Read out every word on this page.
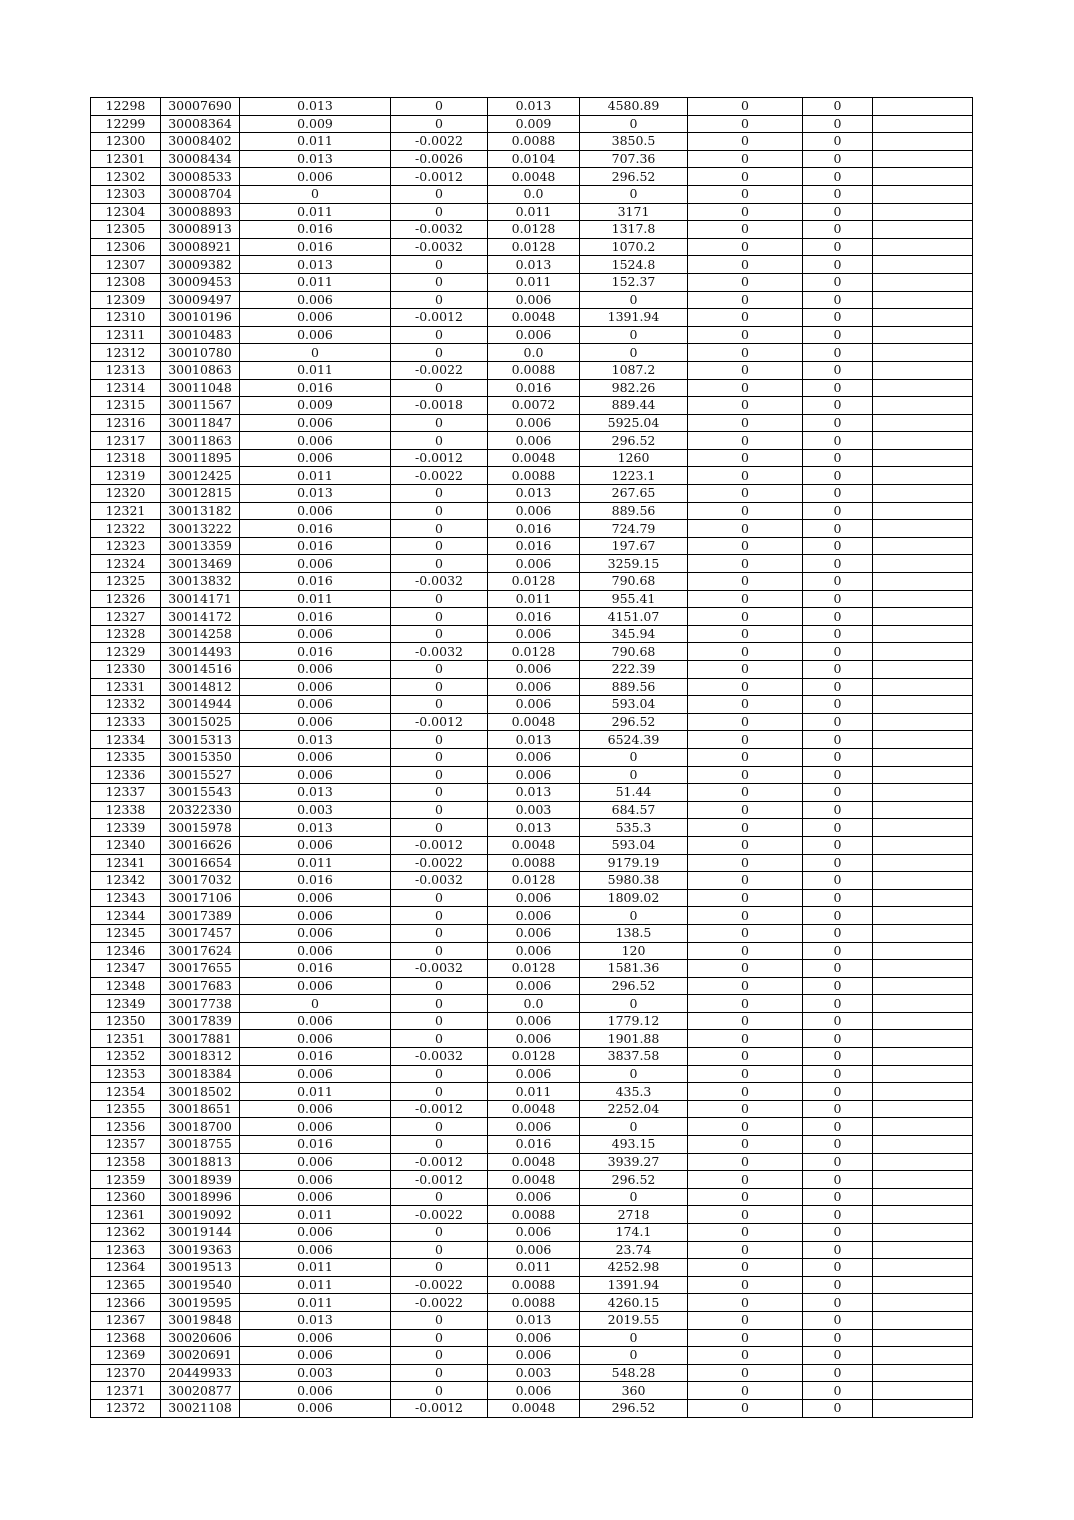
12298	30007690	0.013	0	0.013	4580.89	0	0	
12299	30008364	0.009	0	0.009	0	0	0	
12300	30008402	0.011	-0.0022	0.0088	3850.5	0	0	
12301	30008434	0.013	-0.0026	0.0104	707.36	0	0	
12302	30008533	0.006	-0.0012	0.0048	296.52	0	0	
12303	30008704	0	0	0.0	0	0	0	
12304	30008893	0.011	0	0.011	3171	0	0	
12305	30008913	0.016	-0.0032	0.0128	1317.8	0	0	
12306	30008921	0.016	-0.0032	0.0128	1070.2	0	0	
12307	30009382	0.013	0	0.013	1524.8	0	0	
12308	30009453	0.011	0	0.011	152.37	0	0	
12309	30009497	0.006	0	0.006	0	0	0	
12310	30010196	0.006	-0.0012	0.0048	1391.94	0	0	
12311	30010483	0.006	0	0.006	0	0	0	
12312	30010780	0	0	0.0	0	0	0	
12313	30010863	0.011	-0.0022	0.0088	1087.2	0	0	
12314	30011048	0.016	0	0.016	982.26	0	0	
12315	30011567	0.009	-0.0018	0.0072	889.44	0	0	
12316	30011847	0.006	0	0.006	5925.04	0	0	
12317	30011863	0.006	0	0.006	296.52	0	0	
12318	30011895	0.006	-0.0012	0.0048	1260	0	0	
12319	30012425	0.011	-0.0022	0.0088	1223.1	0	0	
12320	30012815	0.013	0	0.013	267.65	0	0	
12321	30013182	0.006	0	0.006	889.56	0	0	
12322	30013222	0.016	0	0.016	724.79	0	0	
12323	30013359	0.016	0	0.016	197.67	0	0	
12324	30013469	0.006	0	0.006	3259.15	0	0	
12325	30013832	0.016	-0.0032	0.0128	790.68	0	0	
12326	30014171	0.011	0	0.011	955.41	0	0	
12327	30014172	0.016	0	0.016	4151.07	0	0	
12328	30014258	0.006	0	0.006	345.94	0	0	
12329	30014493	0.016	-0.0032	0.0128	790.68	0	0	
12330	30014516	0.006	0	0.006	222.39	0	0	
12331	30014812	0.006	0	0.006	889.56	0	0	
12332	30014944	0.006	0	0.006	593.04	0	0	
12333	30015025	0.006	-0.0012	0.0048	296.52	0	0	
12334	30015313	0.013	0	0.013	6524.39	0	0	
12335	30015350	0.006	0	0.006	0	0	0	
12336	30015527	0.006	0	0.006	0	0	0	
12337	30015543	0.013	0	0.013	51.44	0	0	
12338	20322330	0.003	0	0.003	684.57	0	0	
12339	30015978	0.013	0	0.013	535.3	0	0	
12340	30016626	0.006	-0.0012	0.0048	593.04	0	0	
12341	30016654	0.011	-0.0022	0.0088	9179.19	0	0	
12342	30017032	0.016	-0.0032	0.0128	5980.38	0	0	
12343	30017106	0.006	0	0.006	1809.02	0	0	
12344	30017389	0.006	0	0.006	0	0	0	
12345	30017457	0.006	0	0.006	138.5	0	0	
12346	30017624	0.006	0	0.006	120	0	0	
12347	30017655	0.016	-0.0032	0.0128	1581.36	0	0	
12348	30017683	0.006	0	0.006	296.52	0	0	
12349	30017738	0	0	0.0	0	0	0	
12350	30017839	0.006	0	0.006	1779.12	0	0	
12351	30017881	0.006	0	0.006	1901.88	0	0	
12352	30018312	0.016	-0.0032	0.0128	3837.58	0	0	
12353	30018384	0.006	0	0.006	0	0	0	
12354	30018502	0.011	0	0.011	435.3	0	0	
12355	30018651	0.006	-0.0012	0.0048	2252.04	0	0	
12356	30018700	0.006	0	0.006	0	0	0	
12357	30018755	0.016	0	0.016	493.15	0	0	
12358	30018813	0.006	-0.0012	0.0048	3939.27	0	0	
12359	30018939	0.006	-0.0012	0.0048	296.52	0	0	
12360	30018996	0.006	0	0.006	0	0	0	
12361	30019092	0.011	-0.0022	0.0088	2718	0	0	
12362	30019144	0.006	0	0.006	174.1	0	0	
12363	30019363	0.006	0	0.006	23.74	0	0	
12364	30019513	0.011	0	0.011	4252.98	0	0	
12365	30019540	0.011	-0.0022	0.0088	1391.94	0	0	
12366	30019595	0.011	-0.0022	0.0088	4260.15	0	0	
12367	30019848	0.013	0	0.013	2019.55	0	0	
12368	30020606	0.006	0	0.006	0	0	0	
12369	30020691	0.006	0	0.006	0	0	0	
12370	20449933	0.003	0	0.003	548.28	0	0	
12371	30020877	0.006	0	0.006	360	0	0	
12372	30021108	0.006	-0.0012	0.0048	296.52	0	0	
